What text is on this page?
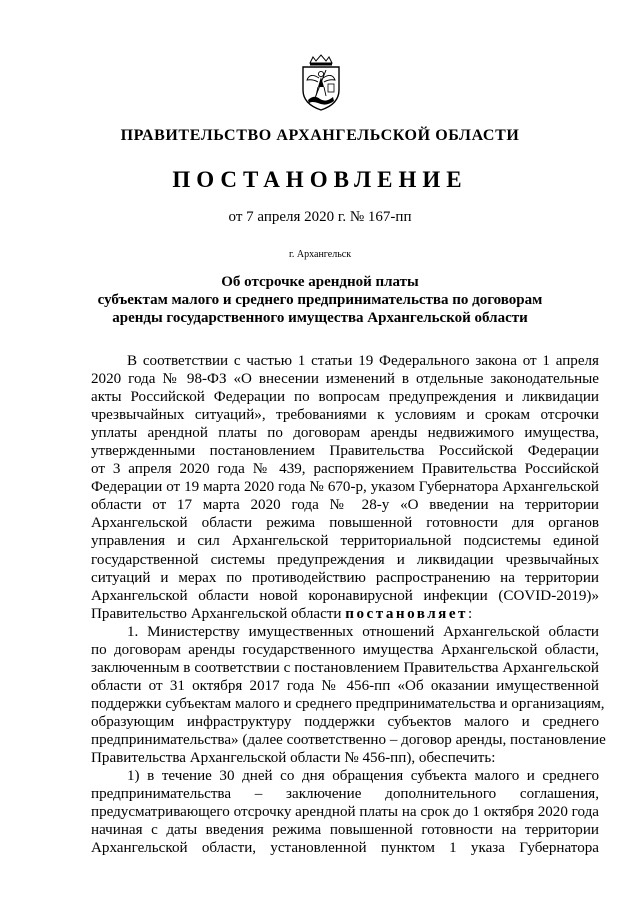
ПРАВИТЕЛЬСТВО АРХАНГЕЛЬСКОЙ ОБЛАСТИ
ПОСТАНОВЛЕНИЕ
от 7 апреля 2020 г. № 167-пп
г. Архангельск
Об отсрочке арендной платы
субъектам малого и среднего предпринимательства по договорам
аренды государственного имущества Архангельской области
В соответствии с частью 1 статьи 19 Федерального закона от 1 апреля
2020 года № 98-ФЗ «О внесении изменений в отдельные законодательные
акты Российской Федерации по вопросам предупреждения и ликвидации
чрезвычайных ситуаций», требованиями к условиям и срокам отсрочки
уплаты арендной платы по договорам аренды недвижимого имущества,
утвержденными постановлением Правительства Российской Федерации
от 3 апреля 2020 года № 439, распоряжением Правительства Российской
Федерации от 19 марта 2020 года № 670-р, указом Губернатора Архангельской
области от 17 марта 2020 года № 28-у «О введении на территории
Архангельской области режима повышенной готовности для органов
управления и сил Архангельской территориальной подсистемы единой
государственной системы предупреждения и ликвидации чрезвычайных
ситуаций и мерах по противодействию распространению на территории
Архангельской области новой коронавирусной инфекции (COVID-2019)»
Правительство Архангельской области постановляет:
1. Министерству имущественных отношений Архангельской области
по договорам аренды государственного имущества Архангельской области,
заключенным в соответствии с постановлением Правительства Архангельской
области от 31 октября 2017 года № 456-пп «Об оказании имущественной
поддержки субъектам малого и среднего предпринимательства и организациям,
образующим инфраструктуру поддержки субъектов малого и среднего
предпринимательства» (далее соответственно – договор аренды, постановление
Правительства Архангельской области № 456-пп), обеспечить:
1) в течение 30 дней со дня обращения субъекта малого и среднего
предпринимательства – заключение дополнительного соглашения,
предусматривающего отсрочку арендной платы на срок до 1 октября 2020 года
начиная с даты введения режима повышенной готовности на территории
Архангельской области, установленной пунктом 1 указа Губернатора
